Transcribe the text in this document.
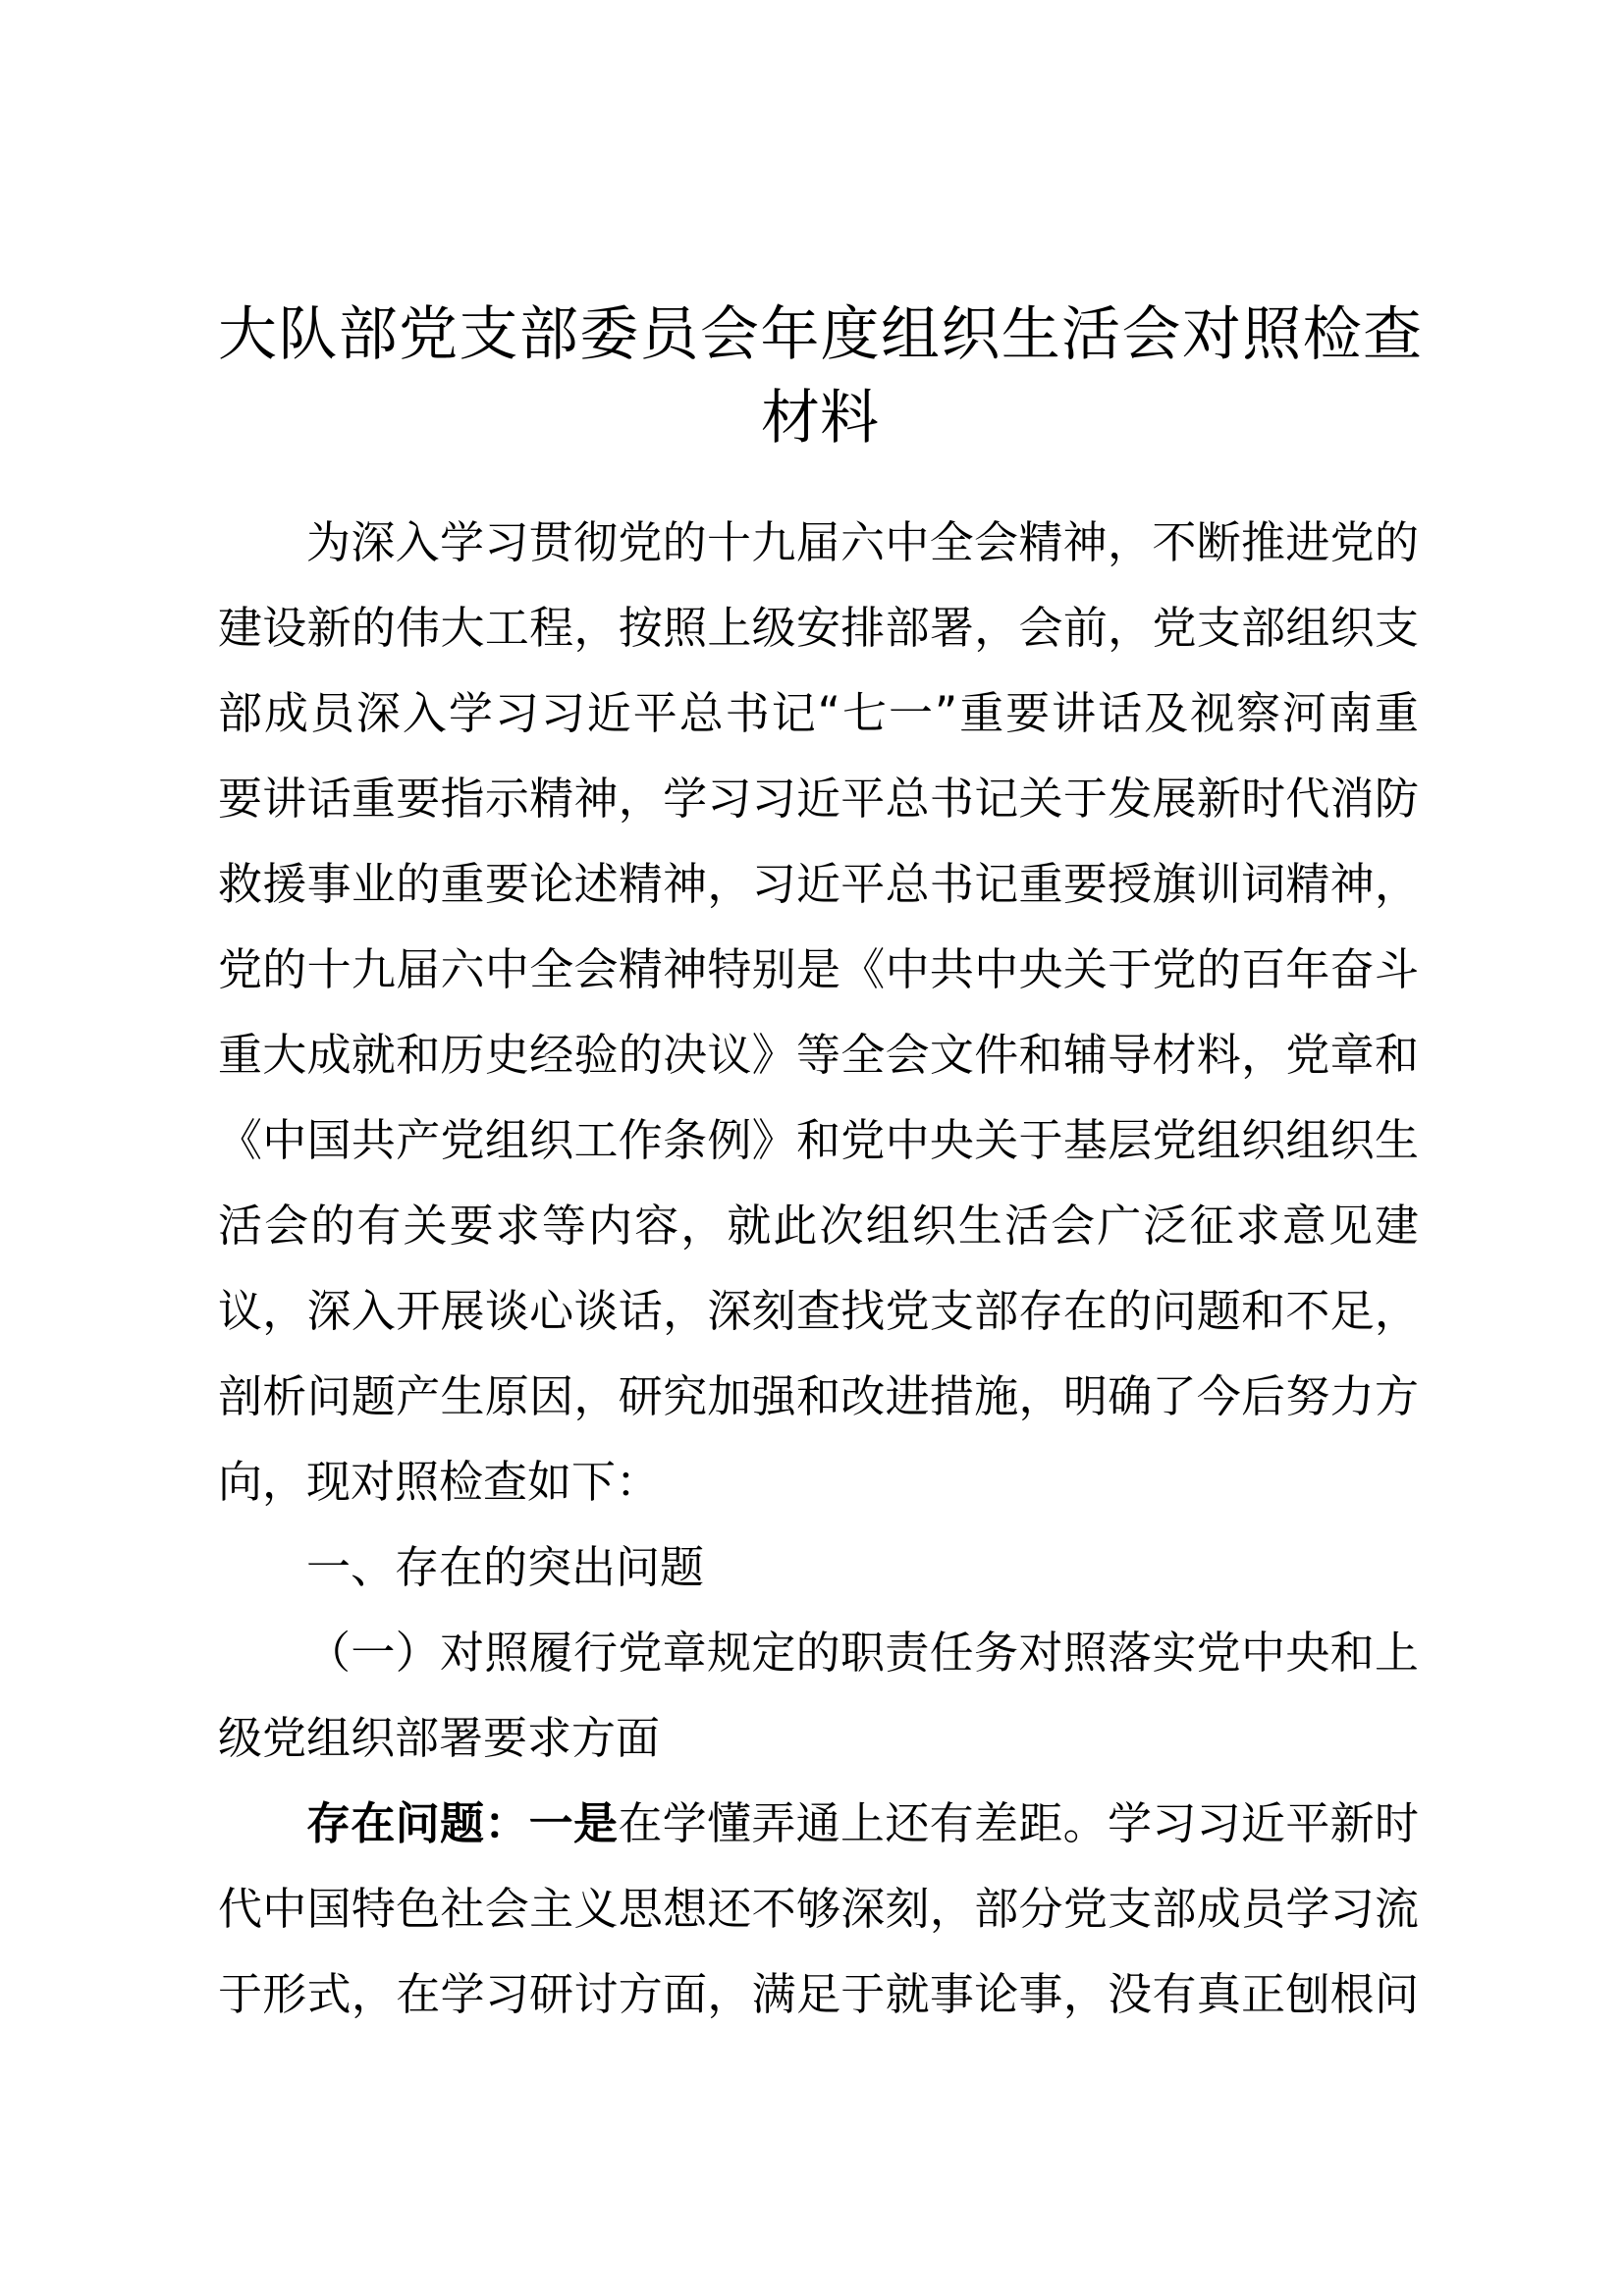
大队部党支部委员会年度组织生活会对照检查
材料
为深入学习贯彻党的十九届六中全会精神，不断推进党的
建设新的伟大工程，按照上级安排部署，会前，党支部组织支
部成员深入学习习近平总书记“七一”重要讲话及视察河南重
要讲话重要指示精神，学习习近平总书记关于发展新时代消防
救援事业的重要论述精神，习近平总书记重要授旗训词精神，
党的十九届六中全会精神特别是《中共中央关于党的百年奋斗
重大成就和历史经验的决议》等全会文件和辅导材料，党章和
《中国共产党组织工作条例》和党中央关于基层党组织组织生
活会的有关要求等内容，就此次组织生活会广泛征求意见建
议，深入开展谈心谈话，深刻查找党支部存在的问题和不足，
剖析问题产生原因，研究加强和改进措施，明确了今后努力方
向，现对照检查如下：
一、存在的突出问题
（一）对照履行党章规定的职责任务对照落实党中央和上
级党组织部署要求方面
存在问题：一是在学懂弄通上还有差距。学习习近平新时
代中国特色社会主义思想还不够深刻，部分党支部成员学习流
于形式，在学习研讨方面，满足于就事论事，没有真正刨根问
